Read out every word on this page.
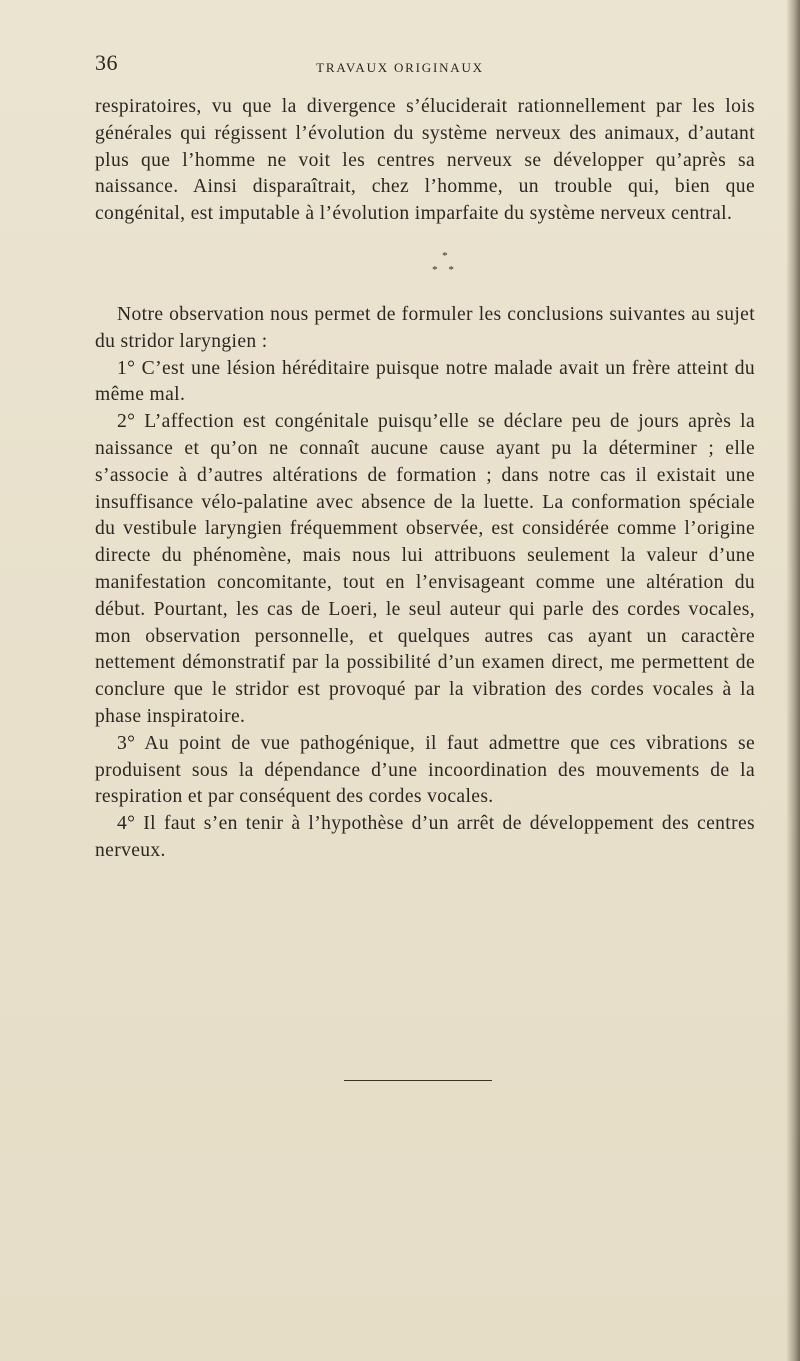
36	TRAVAUX ORIGINAUX

respiratoires, vu que la divergence s’éluciderait rationnellement par les lois générales qui régissent l’évolution du système nerveux des animaux, d’autant plus que l’homme ne voit les centres nerveux se développer qu’après sa naissance. Ainsi disparaîtrait, chez l’homme, un trouble qui, bien que congénital, est imputable à l’évolution imparfaite du système nerveux central.

*
* *

Notre observation nous permet de formuler les conclusions suivantes au sujet du stridor laryngien :

1° C’est une lésion héréditaire puisque notre malade avait un frère atteint du même mal.

2° L’affection est congénitale puisqu’elle se déclare peu de jours après la naissance et qu’on ne connaît aucune cause ayant pu la déterminer ; elle s’associe à d’autres altérations de formation ; dans notre cas il existait une insuffisance vélo-palatine avec absence de la luette. La conformation spéciale du vestibule laryngien fréquemment observée, est considérée comme l’origine directe du phénomène, mais nous lui attribuons seulement la valeur d’une manifestation concomitante, tout en l’envisageant comme une altération du début. Pourtant, les cas de Loeri, le seul auteur qui parle des cordes vocales, mon observation personnelle, et quelques autres cas ayant un caractère nettement démonstratif par la possibilité d’un examen direct, me permettent de conclure que le stridor est provoqué par la vibration des cordes vocales à la phase inspiratoire.

3° Au point de vue pathogénique, il faut admettre que ces vibrations se produisent sous la dépendance d’une incoordination des mouvements de la respiration et par conséquent des cordes vocales.

4° Il faut s’en tenir à l’hypothèse d’un arrêt de développement des centres nerveux.
